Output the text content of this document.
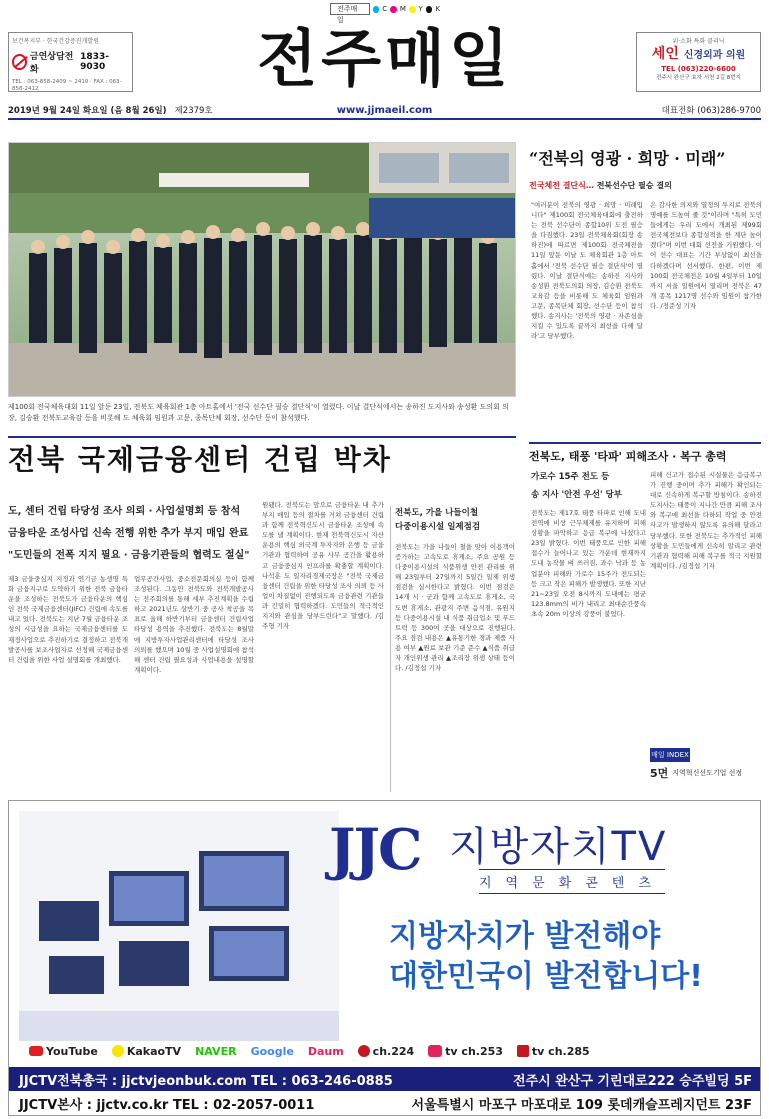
전주매일
C M Y K
보건복지부 · 한국건강증진개발원
금연상담전화
1833-9030
TEL : 063-858-2409 ~ 2410 · FAX : 063-858-2412	전주매일	위·소화 특화 클리닉
세인 신경외과 의원
TEL (063)220-6600
전주시 완산구 효자 서천 2길 8번지
2019년 9월 24일 화요일 (음 8월 26일) 제2379호	www.jjmaeil.com	대표전화 (063)286-9700
제100회 전국체육대회 11일 앞둔 23일, 전북도 체육회관 1층 아트홀에서 '전국 선수단 필승 결단식'이 열렸다. 이날 결단식에서는 송하진 도지사와 송성환 도의회 의장, 김승환 전북도교육감 등을 비롯해 도 체육회 임원과 고문, 종목단체 회장, 선수단 등이 참석했다.
“전북의 영광 · 희망 · 미래”
전국체전 결단식… 전북선수단 필승 결의
"여러분이 전북의 영광 · 희망 · 미래입니다" 제100회 전국체육대회에 출전하는 전북 선수단이 종합10위 도전 필승을 다짐했다. 23일 전북체육회(회장 송하진)에 따르면 제100회 전국체전을 11일 앞둔 이날 도 체육회관 1층 아트홀에서 '전북 선수단 필승 결단식'이 열렸다. 이날 결단식에는 송하진 지사와 송성환 전북도의회 의장, 김승환 전북도교육감 등을 비롯해 도 체육회 임원과 고문, 종목단체 회장, 선수단 등이 참석했다. 송지사는 '전북의 영광 · 자존심을 지킬 수 있도록 끝까지 최선을 다해 달라'고 당부했다.
은 감사한 의지와 열정의 투지로 전북의 명예를 드높여 줄 것"이라며 "특히 도민들에게는 우리 도에서 개최된 제99회 전국체전보다 종합성적을 한 계단 높이겠다"며 이번 대회 선전을 기원했다. 이어 선수 대표는 기간 부상없이 최선을 다하겠다며 선서했다. 한편, 이번 제100회 전국체전은 10월 4일부터 10일까지 서울 일원에서 열리며 전북은 47개 종목 1217명 선수와 임원이 참가한다. /정준성 기자
전북 국제금융센터 건립 박차
도, 센터 건립 타당성 조사 의뢰 · 사업설명회 등 참석
금융타운 조성사업 신속 전행 위한 추가 부지 매입 완료
"도민들의 전폭 지지 필요 · 금융기관들의 협력도 절실"
제3 금융중심지 지정과 연기금 농생명 특화 금융지구로 도약하기 위한 전북 금융타운을 조성하는 전북도가 금융타운의 핵심인 전북 국제금융센터(JIFC) 건립에 속도를 내고 있다. 전북도는 지난 7월 금융타운 조성의 시급성을 요하는 국제금융센터를 도 재정사업으로 추진하기로 결정하고 전북개발공사를 보조사업자로 선정해 국제금융센터 건립을 위한 사업 설명회를 개최했다.
업무공간사업, 중소전문회의실 등이 함께 조성된다. 그동안 전북도와 전북개발공사는 전주회의를 통해 세부 추진계획을 수립하고 2021년도 상반기 중 공사 착공을 목표로 올해 하반기부터 금융센터 건립사업 타당성 용역을 추진했다. 전북도는 8월말에 지방투자사업관리센터에 타당성 조사 의뢰를 했으며 10월 중 사업설명회에 참석해 센터 건립 필요성과 사업내용을 설명할 계획이다.
원됐다. 전북도는 앞으로 금융타운 내 추가 부지 매입 등의 절차를 거쳐 금융센터 건립과 함께 전북혁신도시 금융타운 조성에 속도를 낼 계획이다. 현재 전북혁신도시 자산운용의 핵심 외국계 투자자와 은행 등 금융기관과 협력하여 공유 사무 공간을 활용하고 금융중심지 인프라를 확충할 계획이다. 나석훈 도 일자리경제국장은 "전북 국제금융센터 건립을 위한 타당성 조사 의뢰 등 사업이 차질없이 진행되도록 금융관련 기관들과 긴밀히 협력하겠다. 도민들의 적극적인 지지와 관심을 당부드린다"고 말했다. /김주형 기자
전북도, 가을 나들이철
다중이용시설 일제점검
전북도는 가을 나들이 철을 맞아 이용객이 증가하는 고속도로 휴게소, 주요 공원 등 다중이용시설의 식품위생 안전 관리를 위해 23일부터 27일까지 5일간 일제 위생 점검을 실시한다고 밝혔다. 이번 점검은 14개 시 · 군과 함께 고속도로 휴게소, 국도변 휴게소, 관광지 주변 음식점, 유원지 등 다중이용시설 내 식품 취급업소 및 푸드트럭 등 300여 곳을 대상으로 진행된다. 주요 점검 내용은 ▲유통기한 경과 제품 사용 여부 ▲원료 보관 기준 준수 ▲식품 취급자 개인위생 관리 ▲조리장 위생 상태 등이다. /김정섭 기자
전북도, 태풍 '타파' 피해조사 · 복구 총력
가로수 15주 전도 등
송 지사 '안전 우선' 당부
전북도는 제17호 태풍 타파로 인해 도내 전역에 비상 근무체제를 유지하며 피해 상황을 파악하고 응급 복구에 나섰다고 23일 밝혔다. 이번 태풍으로 인한 피해 접수가 늘어나고 있는 가운데 현재까지 도내 농작물 벼 쓰러짐, 과수 낙과 등 농업분야 피해와 가로수 15주가 전도되는 등 크고 작은 피해가 발생했다. 또한 지난 21~23일 오전 8시까지 도내에는 평균 123.8mm의 비가 내리고 최대순간풍속 초속 20m 이상의 강풍이 불었다.
피해 신고가 접수된 시설물은 응급복구가 진행 중이며 추가 피해가 확인되는 대로 신속하게 복구할 방침이다. 송하진 도지사는 태풍이 지나간 만큼 피해 조사와 복구에 최선을 다하되 작업 중 안전사고가 발생하지 않도록 유의해 달라고 당부했다. 또한 전북도는 추가적인 피해 상황을 도민들에게 신속히 알리고 관련 기관과 협력해 피해 복구를 적극 지원할 계획이다. /김정섭 기자
매일 INDEX
5면 지역혁신선도기업 선정
JJC 지방자치TV
지역문화콘텐츠
지방자치가 발전해야
대한민국이 발전합니다!
YouTube	KakaoTV NAVER Google Daum	ch.224	tv ch.253	tv ch.285
JJCTV전북총국 : jjctvjeonbuk.com TEL : 063-246-0885	전주시 완산구 기린대로222 승주빌딩 5F
JJCTV본사 : jjctv.co.kr TEL : 02-2057-0011	서울특별시 마포구 마포대로 109 롯데캐슬프레지던트 23F
